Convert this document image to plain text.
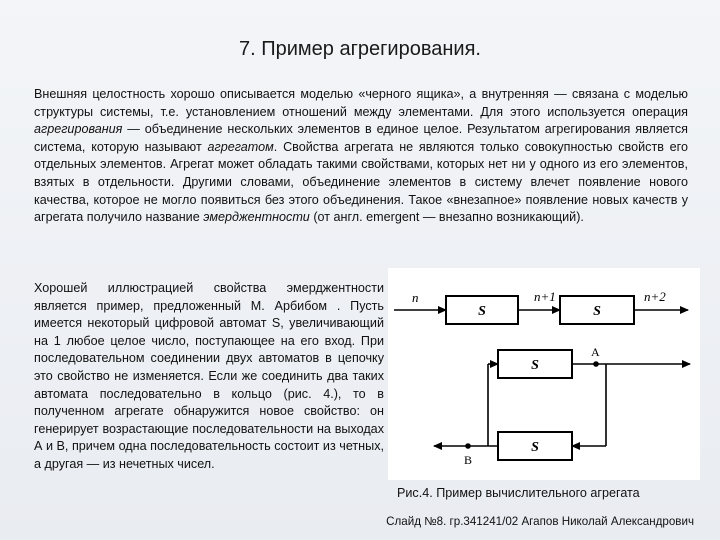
7. Пример агрегирования.

Внешняя целостность хорошо описывается моделью «черного ящика», а внутренняя — связана с моделью структуры системы, т.е. установлением отношений между элементами. Для этого используется операция агрегирования — объединение нескольких элементов в единое целое. Результатом агрегирования является система, которую называют агрегатом. Свойства агрегата не являются только совокупностью свойств его отдельных элементов. Агрегат может обладать такими свойствами, которых нет ни у одного из его элементов, взятых в отдельности. Другими словами, объединение элементов в систему влечет появление нового качества, которое не могло появиться без этого объединения. Такое «внезапное» появление новых качеств у агрегата получило название эмерджентности (от англ. emergent — внезапно возникающий).

Хорошей иллюстрацией свойства эмерджентности является пример, предложенный М. Арбибом . Пусть имеется некоторый цифровой автомат S, увеличивающий на 1 любое целое число, поступающее на его вход. При последовательном соединении двух автоматов в цепочку это свойство не изменяется. Если же соединить два таких автомата последовательно в кольцо (рис. 4.), то в полученном агрегате обнаружится новое свойство: он генерирует возрастающие последовательности на выходах А и В, причем одна последовательность состоит из четных, а другая — из нечетных чисел.

n
S
n+1
S
n+2
S
S
A
B
Рис.4. Пример вычислительного агрегата
Слайд №8. гр.341241/02 Агапов Николай Александрович
